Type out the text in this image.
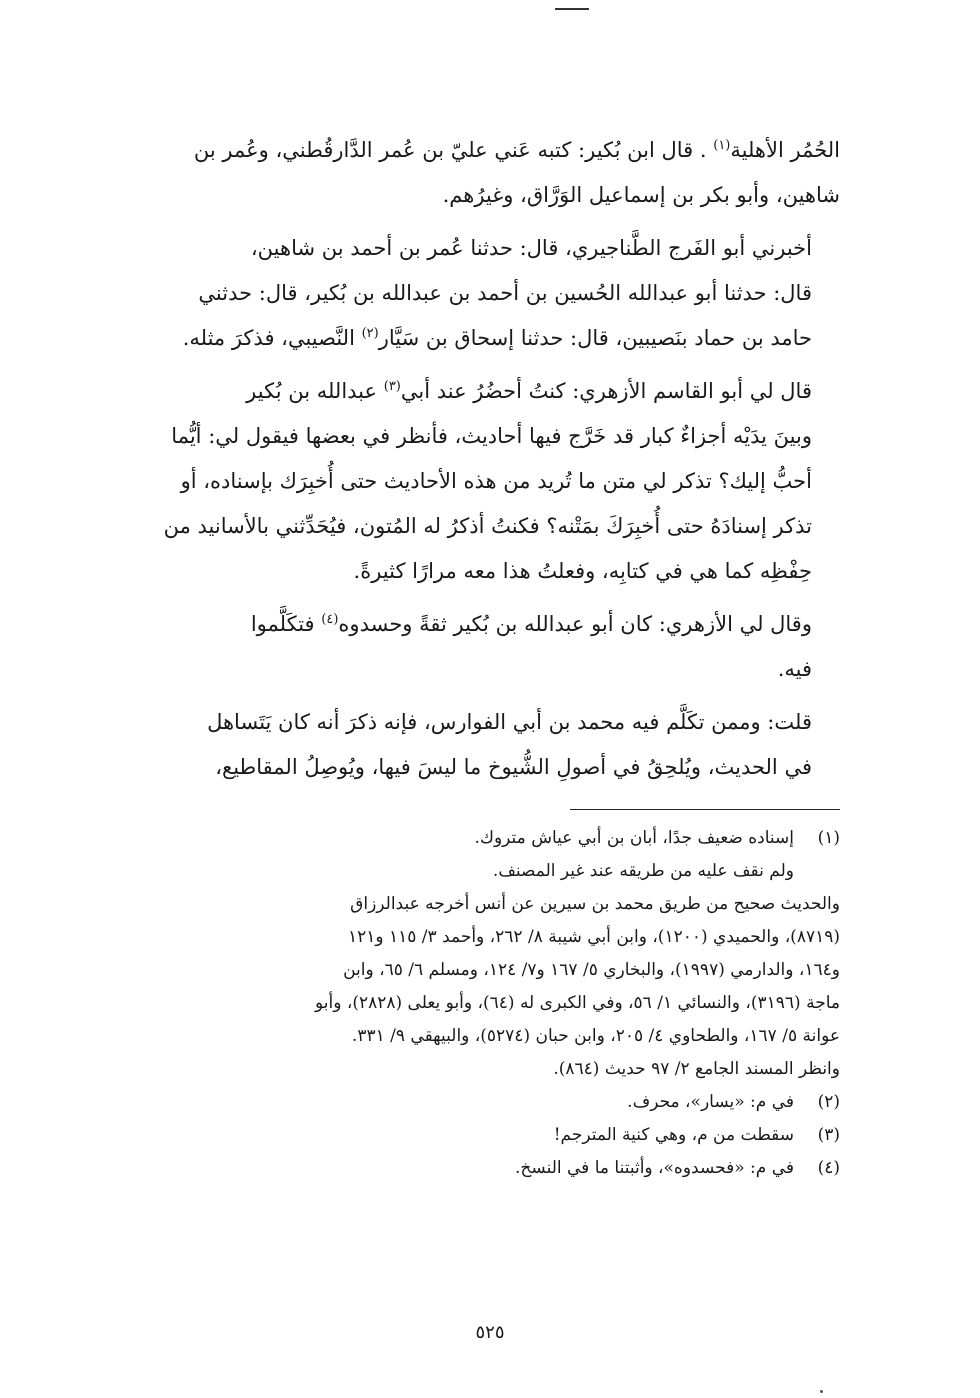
الحُمُر الأهلية$^{(١)}$ . قال ابن بُكير: كتبه عَني عليّ بن عُمر الدَّارقُطني، وعُمر بن

شاهين، وأبو بكر بن إسماعيل الوَرَّاق، وغيرُهم.

أخبرني أبو الفَرج الطَّناجيري، قال: حدثنا عُمر بن أحمد بن شاهين،

قال: حدثنا أبو عبدالله الحُسين بن أحمد بن عبدالله بن بُكير، قال: حدثني

حامد بن حماد بنَصيبين، قال: حدثنا إسحاق بن سَيَّار$^{(٢)}$ النَّصيبي، فذكرَ مثله.

قال لي أبو القاسم الأزهري: كنتُ أحضُرُ عند أبي$^{(٣)}$ عبدالله بن بُكير

وبينَ يدَيْه أجزاءٌ كبار قد خَرَّج فيها أحاديث، فأنظر في بعضها فيقول لي: أيُّما

أحبُّ إليك؟ تذكر لي متن ما تُريد من هذه الأحاديث حتى أُخبِرَك بإسناده، أو

تذكر إسنادَهُ حتى أُخبِرَكَ بمَتْنه؟ فكنتُ أذكرُ له المُتون، فيُحَدِّثني بالأسانيد من

حِفْظِه كما هي في كتابِه، وفعلتُ هذا معه مرارًا كثيرةً.

وقال لي الأزهري: كان أبو عبدالله بن بُكير ثقةً وحسدوه$^{(٤)}$ فتكَلَّموا

فيه.

قلت: وممن تكَلَّم فيه محمد بن أبي الفوارس، فإنه ذكرَ أنه كان يَتَساهل

في الحديث، ويُلحِقُ في أصولِ الشُّيوخ ما ليسَ فيها، ويُوصِلُ المقاطيع،

(١)
إسناده ضعيف جدًا، أبان بن أبي عياش متروك.
ولم نقف عليه من طريقه عند غير المصنف.
والحديث صحيح من طريق محمد بن سيرين عن أنس أخرجه عبدالرزاق
(٨٧١٩)، والحميدي (١٢٠٠)، وابن أبي شيبة ٨/ ٢٦٢، وأحمد ٣/ ١١٥ و١٢١
و١٦٤، والدارمي (١٩٩٧)، والبخاري ٥/ ١٦٧ و٧/ ١٢٤، ومسلم ٦/ ٦٥، وابن
ماجة (٣١٩٦)، والنسائي ١/ ٥٦، وفي الكبرى له (٦٤)، وأبو يعلى (٢٨٢٨)، وأبو
عوانة ٥/ ١٦٧، والطحاوي ٤/ ٢٠٥، وابن حبان (٥٢٧٤)، والبيهقي ٩/ ٣٣١.
وانظر المسند الجامع ٢/ ٩٧ حديث (٨٦٤).
(٢)
في م: «يسار»، محرف.
(٣)
سقطت من م، وهي كنية المترجم!
(٤)
في م: «فحسدوه»، وأثبتنا ما في النسخ.
٥٢٥
